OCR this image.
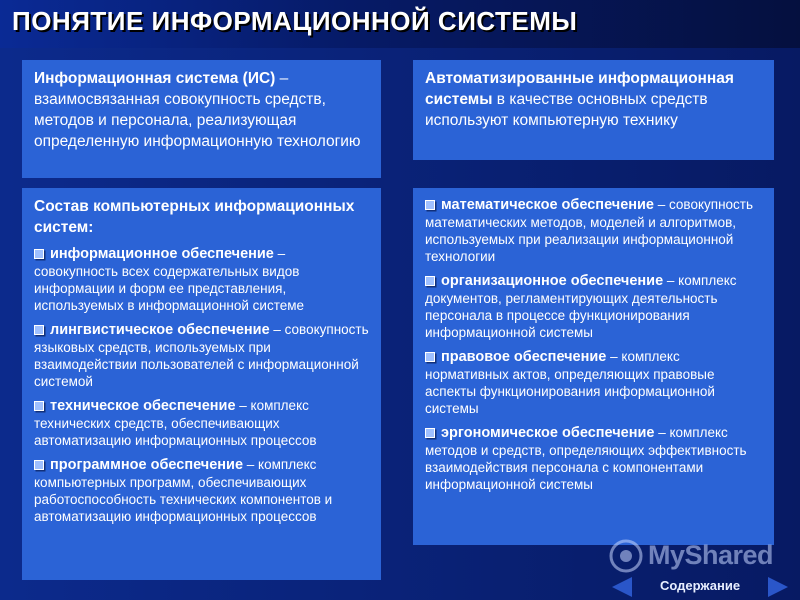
ПОНЯТИЕ ИНФОРМАЦИОННОЙ СИСТЕМЫ
Информационная система (ИС) – взаимосвязанная совокупность средств, методов и персонала, реализующая определенную информационную технологию
Автоматизированные информационная системы в качестве основных средств используют компьютерную технику
Состав компьютерных информационных систем:
информационное обеспечение – совокупность всех содержательных видов информации и форм ее представления, используемых в информационной системе
лингвистическое обеспечение – совокупность языковых средств, используемых при взаимодействии пользователей с информационной системой
техническое обеспечение – комплекс технических средств, обеспечивающих автоматизацию информационных процессов
программное обеспечение – комплекс компьютерных программ, обеспечивающих работоспособность технических компонентов и автоматизацию информационных процессов
математическое обеспечение – совокупность математических методов, моделей и алгоритмов, используемых при реализации информационной технологии
организационное обеспечение – комплекс документов, регламентирующих деятельность персонала в процессе функционирования информационной системы
правовое обеспечение – комплекс нормативных актов, определяющих правовые аспекты функционирования информационной системы
эргономическое обеспечение – комплекс методов и средств, определяющих эффективность взаимодействия персонала с компонентами информационной системы
MyShared
Содержание
